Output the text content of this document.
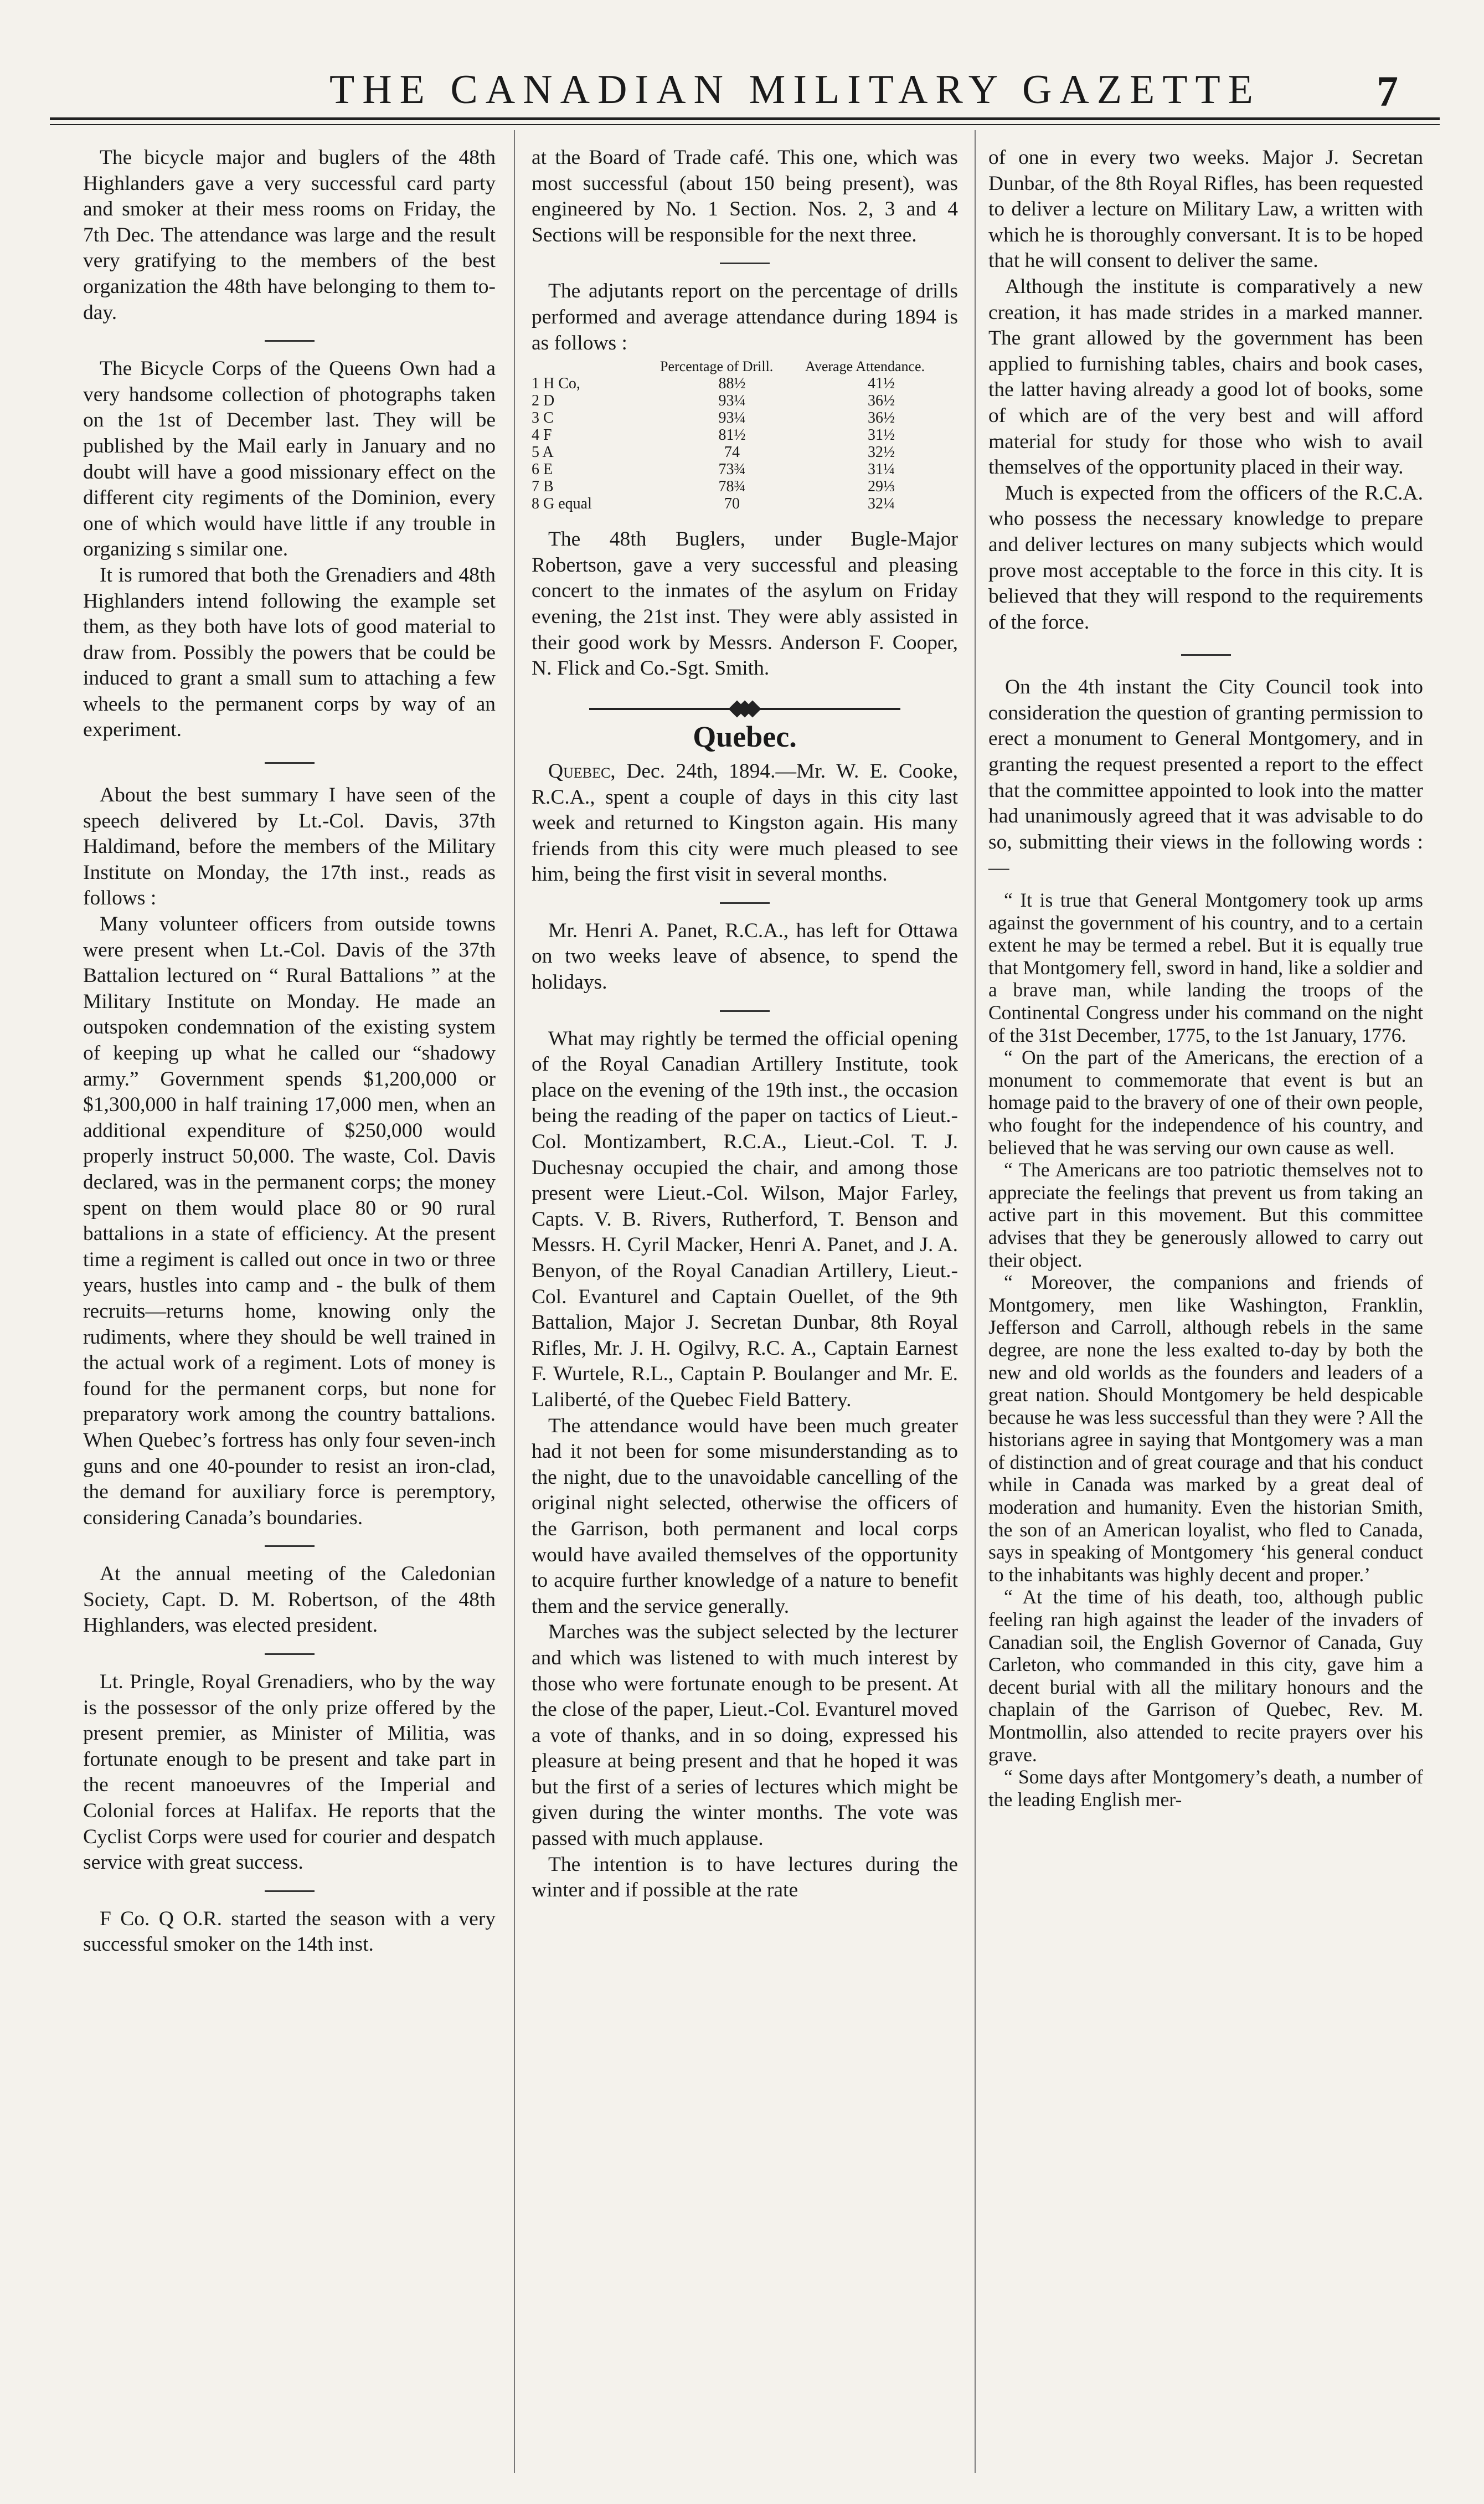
THE CANADIAN MILITARY GAZETTE	7

The bicycle major and buglers of the 48th Highlanders gave a very successful card party and smoker at their mess rooms on Friday, the 7th Dec. The attendance was large and the result very gratifying to the members of the best organization the 48th have belonging to them to-day.

The Bicycle Corps of the Queens Own had a very handsome collection of photographs taken on the 1st of December last. They will be published by the Mail early in January and no doubt will have a good missionary effect on the different city regiments of the Dominion, every one of which would have little if any trouble in organizing s similar one.

It is rumored that both the Grenadiers and 48th Highlanders intend following the example set them, as they both have lots of good material to draw from. Possibly the powers that be could be induced to grant a small sum to attaching a few wheels to the permanent corps by way of an experiment.

About the best summary I have seen of the speech delivered by Lt.-Col. Davis, 37th Haldimand, before the members of the Military Institute on Monday, the 17th inst., reads as follows :

Many volunteer officers from outside towns were present when Lt.-Col. Davis of the 37th Battalion lectured on “ Rural Battalions ” at the Military Institute on Monday. He made an outspoken condemnation of the existing system of keeping up what he called our “shadowy army.” Government spends $1,200,000 or $1,300,000 in half training 17,000 men, when an additional expenditure of $250,000 would properly instruct 50,000. The waste, Col. Davis declared, was in the permanent corps; the money spent on them would place 80 or 90 rural battalions in a state of efficiency. At the present time a regiment is called out once in two or three years, hustles into camp and - the bulk of them recruits—returns home, knowing only the rudiments, where they should be well trained in the actual work of a regiment. Lots of money is found for the permanent corps, but none for preparatory work among the country battalions. When Quebec’s fortress has only four seven-inch guns and one 40-pounder to resist an iron-clad, the demand for auxiliary force is peremptory, considering Canada’s boundaries.

At the annual meeting of the Caledonian Society, Capt. D. M. Robertson, of the 48th Highlanders, was elected president.

Lt. Pringle, Royal Grenadiers, who by the way is the possessor of the only prize offered by the present premier, as Minister of Militia, was fortunate enough to be present and take part in the recent manoeuvres of the Imperial and Colonial forces at Halifax. He reports that the Cyclist Corps were used for courier and despatch service with great success.

F Co. Q O.R. started the season with a very successful smoker on the 14th inst.

at the Board of Trade café. This one, which was most successful (about 150 being present), was engineered by No. 1 Section. Nos. 2, 3 and 4 Sections will be responsible for the next three.

The adjutants report on the percentage of drills performed and average attendance during 1894 is as follows :

	Percentage of Drill.	Average Attendance.
1 H Co,	88½	41½
2 D	93¼	36½
3 C	93¼	36½
4 F	81½	31½
5 A	74	32½
6 E	73¾	31¼
7 B	78¾	29⅓
8 G equal	70	32¼

The 48th Buglers, under Bugle-Major Robertson, gave a very successful and pleasing concert to the inmates of the asylum on Friday evening, the 21st inst. They were ably assisted in their good work by Messrs. Anderson F. Cooper, N. Flick and Co.-Sgt. Smith.

Quebec.

Quebec, Dec. 24th, 1894.—Mr. W. E. Cooke, R.C.A., spent a couple of days in this city last week and returned to Kingston again. His many friends from this city were much pleased to see him, being the first visit in several months.

Mr. Henri A. Panet, R.C.A., has left for Ottawa on two weeks leave of absence, to spend the holidays.

What may rightly be termed the official opening of the Royal Canadian Artillery Institute, took place on the evening of the 19th inst., the occasion being the reading of the paper on tactics of Lieut.-Col. Montizambert, R.C.A., Lieut.-Col. T. J. Duchesnay occupied the chair, and among those present were Lieut.-Col. Wilson, Major Farley, Capts. V. B. Rivers, Rutherford, T. Benson and Messrs. H. Cyril Macker, Henri A. Panet, and J. A. Benyon, of the Royal Canadian Artillery, Lieut.-Col. Evanturel and Captain Ouellet, of the 9th Battalion, Major J. Secretan Dunbar, 8th Royal Rifles, Mr. J. H. Ogilvy, R.C. A., Captain Earnest F. Wurtele, R.L., Captain P. Boulanger and Mr. E. Laliberté, of the Quebec Field Battery.

The attendance would have been much greater had it not been for some misunderstanding as to the night, due to the unavoidable cancelling of the original night selected, otherwise the officers of the Garrison, both permanent and local corps would have availed themselves of the opportunity to acquire further knowledge of a nature to benefit them and the service generally.

Marches was the subject selected by the lecturer and which was listened to with much interest by those who were fortunate enough to be present. At the close of the paper, Lieut.-Col. Evanturel moved a vote of thanks, and in so doing, expressed his pleasure at being present and that he hoped it was but the first of a series of lectures which might be given during the winter months. The vote was passed with much applause.

The intention is to have lectures during the winter and if possible at the rate

of one in every two weeks. Major J. Secretan Dunbar, of the 8th Royal Rifles, has been requested to deliver a lecture on Military Law, a written with which he is thoroughly conversant. It is to be hoped that he will consent to deliver the same.

Although the institute is comparatively a new creation, it has made strides in a marked manner. The grant allowed by the government has been applied to furnishing tables, chairs and book cases, the latter having already a good lot of books, some of which are of the very best and will afford material for study for those who wish to avail themselves of the opportunity placed in their way.

Much is expected from the officers of the R.C.A. who possess the necessary knowledge to prepare and deliver lectures on many subjects which would prove most acceptable to the force in this city. It is believed that they will respond to the requirements of the force.

On the 4th instant the City Council took into consideration the question of granting permission to erect a monument to General Montgomery, and in granting the request presented a report to the effect that the committee appointed to look into the matter had unanimously agreed that it was advisable to do so, submitting their views in the following words :—

“ It is true that General Montgomery took up arms against the government of his country, and to a certain extent he may be termed a rebel. But it is equally true that Montgomery fell, sword in hand, like a soldier and a brave man, while landing the troops of the Continental Congress under his command on the night of the 31st December, 1775, to the 1st January, 1776.

“ On the part of the Americans, the erection of a monument to commemorate that event is but an homage paid to the bravery of one of their own people, who fought for the independence of his country, and believed that he was serving our own cause as well.

“ The Americans are too patriotic themselves not to appreciate the feelings that prevent us from taking an active part in this movement. But this committee advises that they be generously allowed to carry out their object.

“ Moreover, the companions and friends of Montgomery, men like Washington, Franklin, Jefferson and Carroll, although rebels in the same degree, are none the less exalted to-day by both the new and old worlds as the founders and leaders of a great nation. Should Montgomery be held despicable because he was less successful than they were ? All the historians agree in saying that Montgomery was a man of distinction and of great courage and that his conduct while in Canada was marked by a great deal of moderation and humanity. Even the historian Smith, the son of an American loyalist, who fled to Canada, says in speaking of Montgomery ‘his general conduct to the inhabitants was highly decent and proper.’

“ At the time of his death, too, although public feeling ran high against the leader of the invaders of Canadian soil, the English Governor of Canada, Guy Carleton, who commanded in this city, gave him a decent burial with all the military honours and the chaplain of the Garrison of Quebec, Rev. M. Montmollin, also attended to recite prayers over his grave.

“ Some days after Montgomery’s death, a number of the leading English mer-
